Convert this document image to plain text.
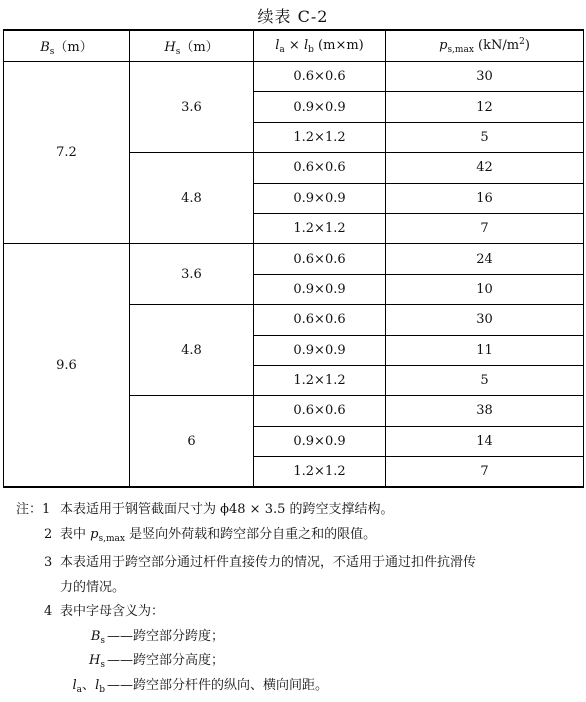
续表 C-2
$B_s(m)$	$H_s(m)$	$l_a \times l_b$ (m×m)	$p_{s,max}$ $(kN/m^2)$
7.2	3.6	0.6×0.6	30
		0.9×0.9	12
		1.2×1.2	5
	4.8	0.6×0.6	42
		0.9×0.9	16
		1.2×1.2	7
9.6	3.6	0.6×0.6	24
		0.9×0.9	10
	4.8	0.6×0.6	30
		0.9×0.9	11
		1.2×1.2	5
	6	0.6×0.6	38
		0.9×0.9	14
		1.2×1.2	7
注： 1 本表适用于钢管截面尺寸为 ϕ48 × 3.5 的跨空支撑结构。
2 表中 $p_{s,max}$ 是竖向外荷载和跨空部分自重之和的限值。
3 本表适用于跨空部分通过杆件直接传力的情况，不适用于通过扣件抗滑传
力的情况。
4 表中字母含义为：
$B_s$ ——跨空部分跨度；
$H_s$ ——跨空部分高度；
$l_a$、$l_b$ ——跨空部分杆件的纵向、横向间距。
